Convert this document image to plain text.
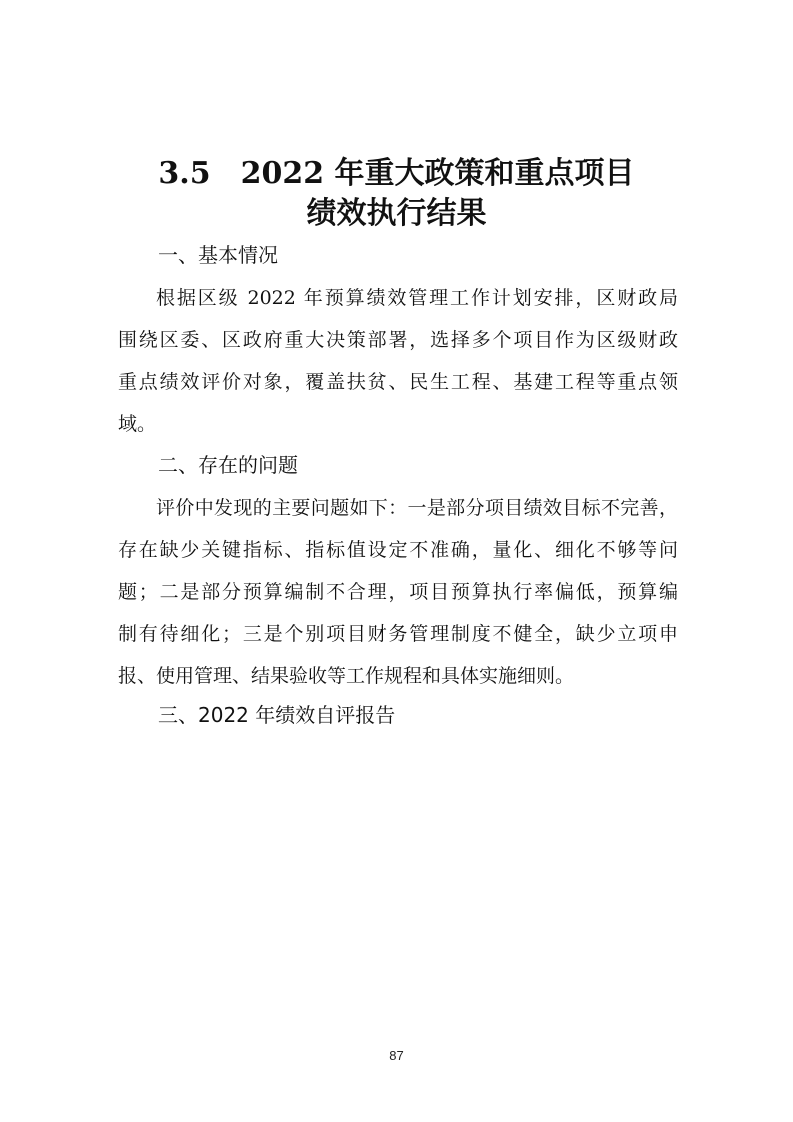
3.5　2022 年重大政策和重点项目
绩效执行结果
一、基本情况
根据区级 2022 年预算绩效管理工作计划安排，区财政局
围绕区委、区政府重大决策部署，选择多个项目作为区级财政
重点绩效评价对象，覆盖扶贫、民生工程、基建工程等重点领
域。
二、存在的问题
评价中发现的主要问题如下：一是部分项目绩效目标不完善，
存在缺少关键指标、指标值设定不准确，量化、细化不够等问
题；二是部分预算编制不合理，项目预算执行率偏低，预算编
制有待细化；三是个别项目财务管理制度不健全，缺少立项申
报、使用管理、结果验收等工作规程和具体实施细则。
三、2022 年绩效自评报告
87
